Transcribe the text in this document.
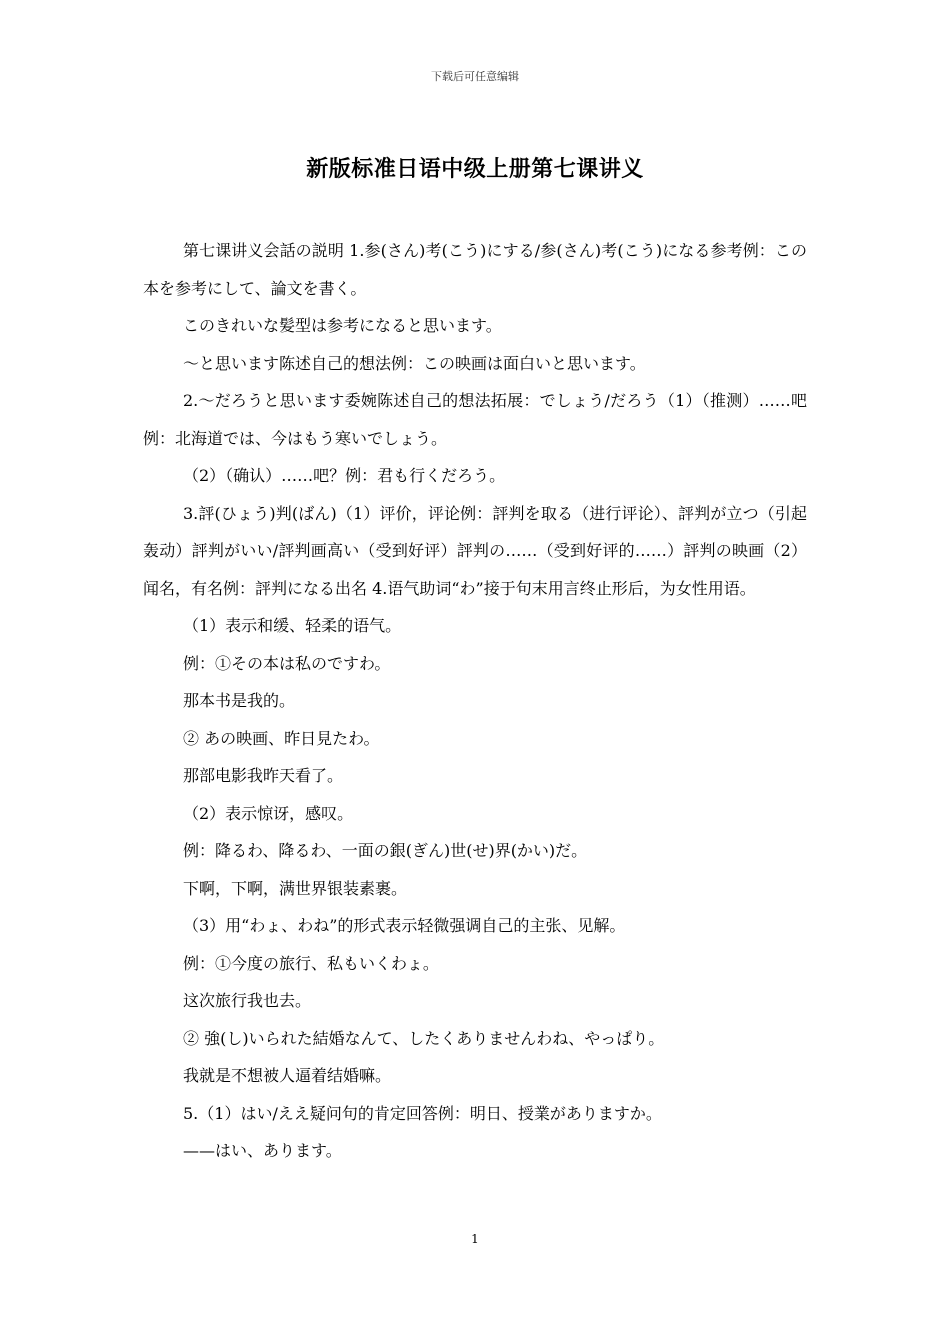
下载后可任意编辑
新版标准日语中级上册第七课讲义

第七课讲义会話の説明 1.参(さん)考(こう)にする/参(さん)考(こう)になる参考例：この本を参考にして、論文を書く。

このきれいな髪型は参考になると思います。

～と思います陈述自己的想法例：この映画は面白いと思います。

2.～だろうと思います委婉陈述自己的想法拓展：でしょう/だろう（1）（推测）……吧例：北海道では、今はもう寒いでしょう。

（2）（确认）……吧？例：君も行くだろう。

3.評(ひょう)判(ばん)（1）评价，评论例：評判を取る（进行评论）、評判が立つ（引起轰动）評判がいい/評判画高い（受到好评）評判の……（受到好评的……）評判の映画（2）闻名，有名例：評判になる出名 4.语气助词“わ”接于句末用言终止形后，为女性用语。

（1）表示和缓、轻柔的语气。

例：①その本は私のですわ。

那本书是我的。

② あの映画、昨日見たわ。

那部电影我昨天看了。

（2）表示惊讶，感叹。

例：降るわ、降るわ、一面の銀(ぎん)世(せ)界(かい)だ。

下啊，下啊，满世界银装素裹。

（3）用“わょ、わね”的形式表示轻微强调自己的主张、见解。

例：①今度の旅行、私もいくわょ。

这次旅行我也去。

② 強(し)いられた結婚なんて、したくありませんわね、やっぱり。

我就是不想被人逼着结婚嘛。

5.（1）はい/ええ疑问句的肯定回答例：明日、授業がありますか。

——はい、あります。

1
